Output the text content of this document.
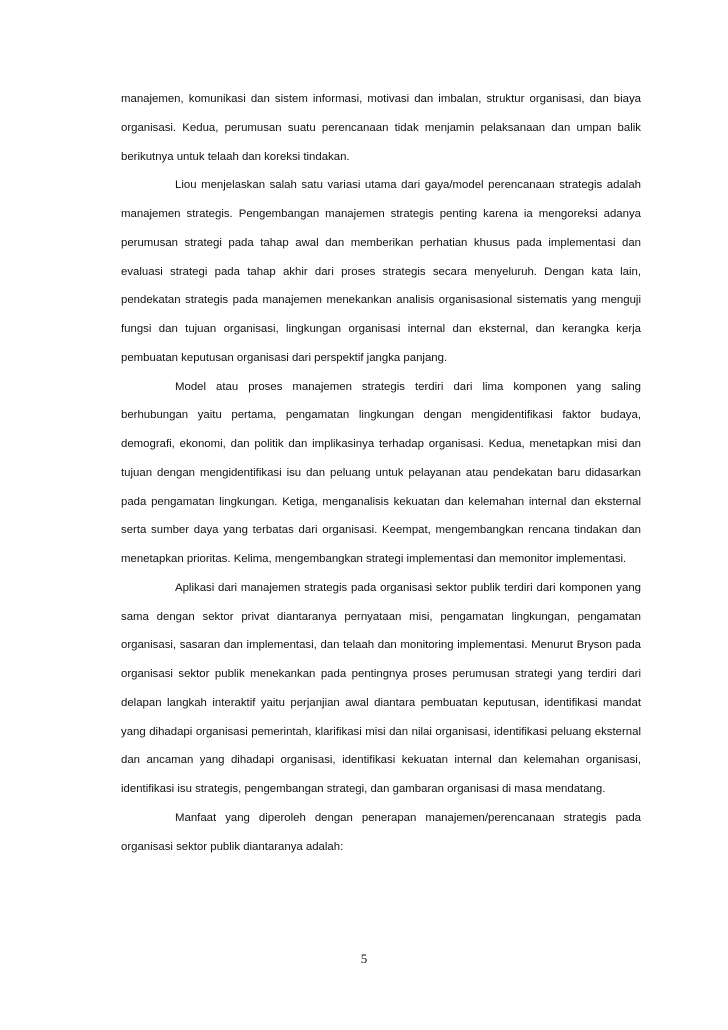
manajemen, komunikasi dan sistem informasi, motivasi dan imbalan, struktur organisasi, dan biaya organisasi. Kedua, perumusan suatu perencanaan tidak menjamin pelaksanaan dan umpan balik berikutnya untuk telaah dan koreksi tindakan.

Liou menjelaskan salah satu variasi utama dari gaya/model perencanaan strategis adalah manajemen strategis. Pengembangan manajemen strategis penting karena ia mengoreksi adanya perumusan strategi pada tahap awal dan memberikan perhatian khusus pada implementasi dan evaluasi strategi pada tahap akhir dari proses strategis secara menyeluruh. Dengan kata lain, pendekatan strategis pada manajemen menekankan analisis organisasional sistematis yang menguji fungsi dan tujuan organisasi, lingkungan organisasi internal dan eksternal, dan kerangka kerja pembuatan keputusan organisasi dari perspektif jangka panjang.

Model atau proses manajemen strategis terdiri dari lima komponen yang saling berhubungan yaitu pertama, pengamatan lingkungan dengan mengidentifikasi faktor budaya, demografi, ekonomi, dan politik dan implikasinya terhadap organisasi. Kedua, menetapkan misi dan tujuan dengan mengidentifikasi isu dan peluang untuk pelayanan atau pendekatan baru didasarkan pada pengamatan lingkungan. Ketiga, menganalisis kekuatan dan kelemahan internal dan eksternal serta sumber daya yang terbatas dari organisasi. Keempat, mengembangkan rencana tindakan dan menetapkan prioritas. Kelima, mengembangkan strategi implementasi dan memonitor implementasi.

Aplikasi dari manajemen strategis pada organisasi sektor publik terdiri dari komponen yang sama dengan sektor privat diantaranya pernyataan misi, pengamatan lingkungan, pengamatan organisasi, sasaran dan implementasi, dan telaah dan monitoring implementasi. Menurut Bryson pada organisasi sektor publik menekankan pada pentingnya proses perumusan strategi yang terdiri dari delapan langkah interaktif yaitu perjanjian awal diantara pembuatan keputusan, identifikasi mandat yang dihadapi organisasi pemerintah, klarifikasi misi dan nilai organisasi, identifikasi peluang eksternal dan ancaman yang dihadapi organisasi, identifikasi kekuatan internal dan kelemahan organisasi, identifikasi isu strategis, pengembangan strategi, dan gambaran organisasi di masa mendatang.

Manfaat yang diperoleh dengan penerapan manajemen/perencanaan strategis pada organisasi sektor publik diantaranya adalah:

5
